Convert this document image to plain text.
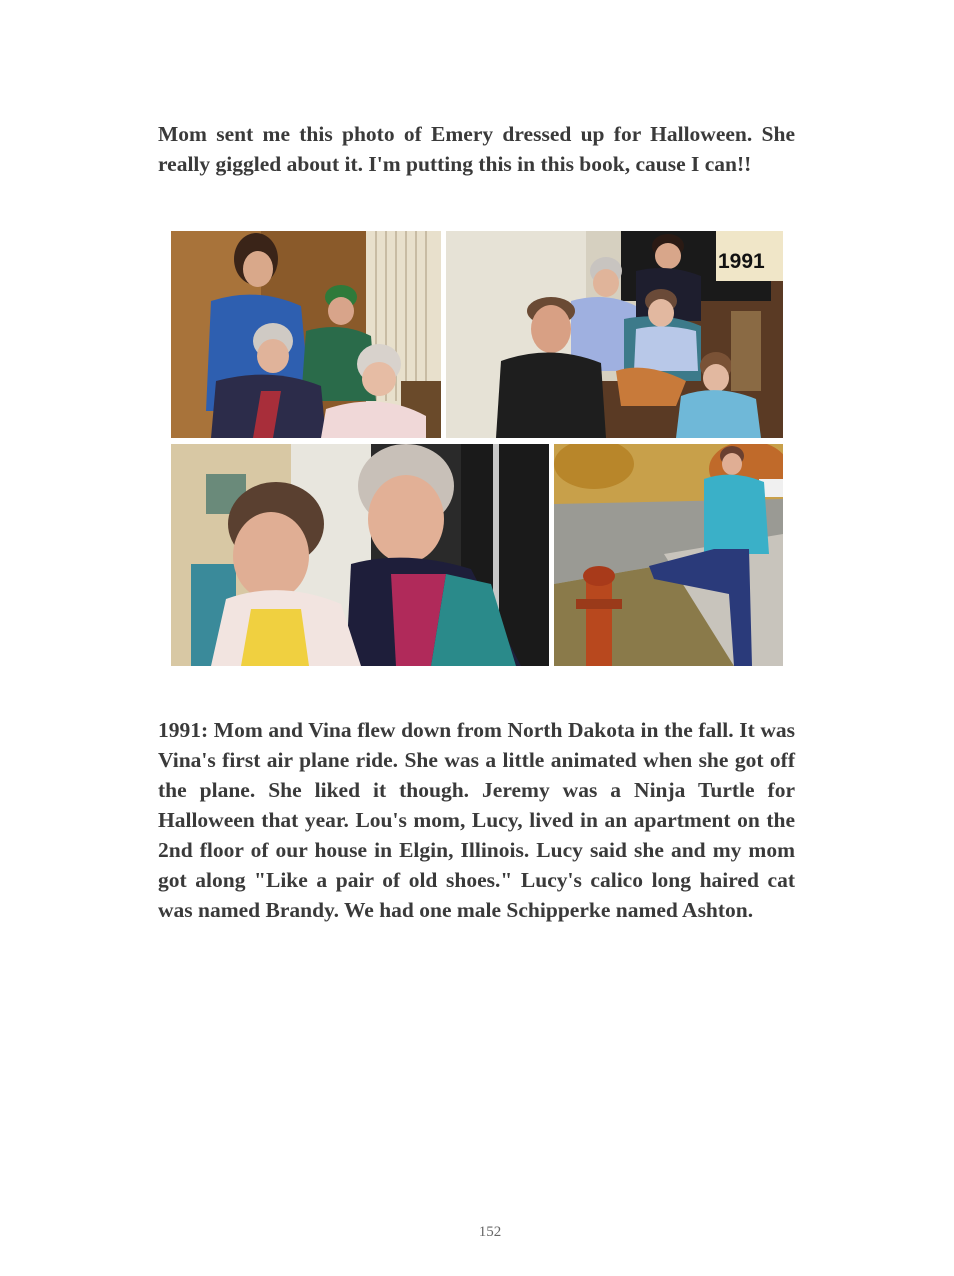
Mom sent me this photo of Emery dressed up for Halloween. She really giggled about it. I'm putting this in this book, cause I can!!

1991

1991: Mom and Vina flew down from North Dakota in the fall. It was Vina's first air plane ride. She was a little animated when she got off the plane. She liked it though. Jeremy was a Ninja Turtle for Halloween that year. Lou's mom, Lucy, lived in an apartment on the 2nd floor of our house in Elgin, Illinois. Lucy said she and my mom got along "Like a pair of old shoes." Lucy's calico long haired cat was named Brandy. We had one male Schipperke named Ashton.

152
